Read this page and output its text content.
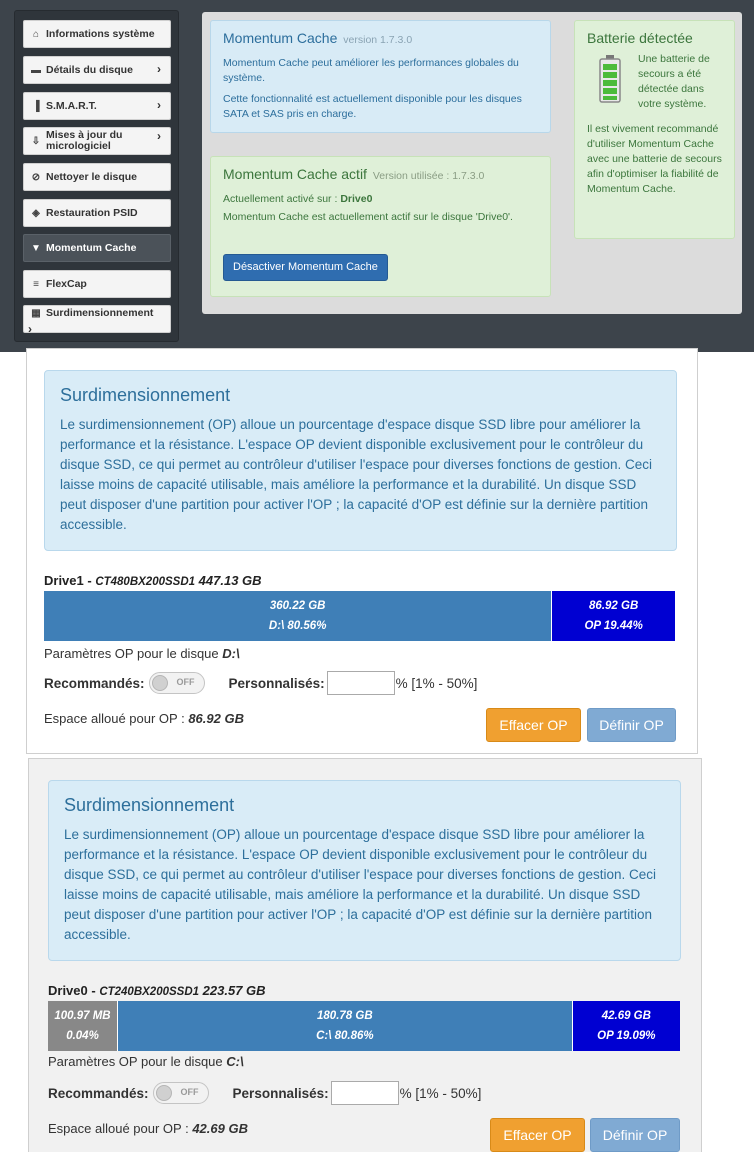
⌂ Informations système
▬ Détails du disque ›
▐ S.M.A.R.T.	›
⇩ Mises à jour du micrologiciel
›
⊘ Nettoyer le disque
◈ Restauration PSID
▼ Momentum Cache
≡ FlexCap
▦ Surdimensionnement
›
Momentum Cache version 1.7.3.0

Momentum Cache peut améliorer les performances globales du système.

Cette fonctionnalité est actuellement disponible pour les disques SATA et SAS pris en charge.

Momentum Cache actif Version utilisée : 1.7.3.0

Actuellement activé sur : Drive0

Momentum Cache est actuellement actif sur le disque 'Drive0'.

Désactiver Momentum Cache
Batterie détectée

Une batterie de secours a été détectée dans votre système.

Il est vivement recommandé d'utiliser Momentum Cache avec une batterie de secours afin d'optimiser la fiabilité de Momentum Cache.

Surdimensionnement

Le surdimensionnement (OP) alloue un pourcentage d'espace disque SSD libre pour améliorer la performance et la résistance. L'espace OP devient disponible exclusivement pour le contrôleur du disque SSD, ce qui permet au contrôleur d'utiliser l'espace pour diverses fonctions de gestion. Ceci laisse moins de capacité utilisable, mais améliore la performance et la durabilité. Un disque SSD peut disposer d'une partition pour activer l'OP ; la capacité d'OP est définie sur la dernière partition accessible.

Drive1 - CT480BX200SSD1 447.13 GB
360.22 GB
D:\ 80.56%
86.92 GB
OP 19.44%
Paramètres OP pour le disque D:\
Recommandés:	OFF	Personnalisés:	% [1% - 50%]
Espace alloué pour OP : 86.92 GB	Effacer OP	Définir OP
Surdimensionnement

Le surdimensionnement (OP) alloue un pourcentage d'espace disque SSD libre pour améliorer la performance et la résistance. L'espace OP devient disponible exclusivement pour le contrôleur du disque SSD, ce qui permet au contrôleur d'utiliser l'espace pour diverses fonctions de gestion. Ceci laisse moins de capacité utilisable, mais améliore la performance et la durabilité. Un disque SSD peut disposer d'une partition pour activer l'OP ; la capacité d'OP est définie sur la dernière partition accessible.

Drive0 - CT240BX200SSD1 223.57 GB
100.97 MB
0.04%
180.78 GB
C:\ 80.86%
42.69 GB
OP 19.09%
Paramètres OP pour le disque C:\
Recommandés:	OFF	Personnalisés:	% [1% - 50%]
Espace alloué pour OP : 42.69 GB	Effacer OP	Définir OP
